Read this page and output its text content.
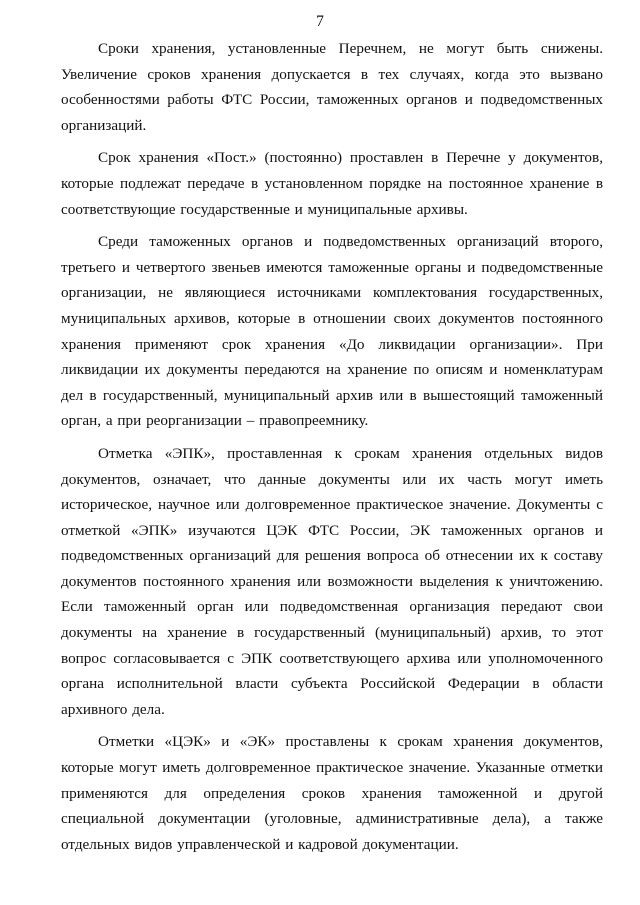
7

Сроки хранения, установленные Перечнем, не могут быть снижены. Увеличение сроков хранения допускается в тех случаях, когда это вызвано особенностями работы ФТС России, таможенных органов и подведомственных организаций.

Срок хранения «Пост.» (постоянно) проставлен в Перечне у документов, которые подлежат передаче в установленном порядке на постоянное хранение в соответствующие государственные и муниципальные архивы.

Среди таможенных органов и подведомственных организаций второго, третьего и четвертого звеньев имеются таможенные органы и подведомственные организации, не являющиеся источниками комплектования государственных, муниципальных архивов, которые в отношении своих документов постоянного хранения применяют срок хранения «До ликвидации организации». При ликвидации их документы передаются на хранение по описям и номенклатурам дел в государственный, муниципальный архив или в вышестоящий таможенный орган, а при реорганизации – правопреемнику.

Отметка «ЭПК», проставленная к срокам хранения отдельных видов документов, означает, что данные документы или их часть могут иметь историческое, научное или долговременное практическое значение. Документы с отметкой «ЭПК» изучаются ЦЭК ФТС России, ЭК таможенных органов и подведомственных организаций для решения вопроса об отнесении их к составу документов постоянного хранения или возможности выделения к уничтожению. Если таможенный орган или подведомственная организация передают свои документы на хранение в государственный (муниципальный) архив, то этот вопрос согласовывается с ЭПК соответствующего архива или уполномоченного органа исполнительной власти субъекта Российской Федерации в области архивного дела.

Отметки «ЦЭК» и «ЭК» проставлены к срокам хранения документов, которые могут иметь долговременное практическое значение. Указанные отметки применяются для определения сроков хранения таможенной и другой специальной документации (уголовные, административные дела), а также отдельных видов управленческой и кадровой документации.
